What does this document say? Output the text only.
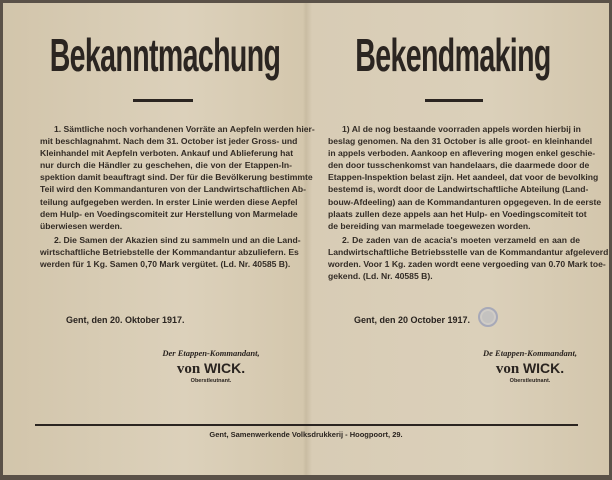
Bekanntmachung	Bekendmaking
1. Sämtliche noch vorhandenen Vorräte an Aepfeln werden hier-
mit beschlagnahmt. Nach dem 31. October ist jeder Gross- und
Kleinhandel mit Aepfeln verboten. Ankauf und Ablieferung hat
nur durch die Händler zu geschehen, die von der Etappen-In-
spektion damit beauftragt sind. Der für die Bevölkerung bestimmte
Teil wird den Kommandanturen von der Landwirtschaftlichen Ab-
teilung aufgegeben werden. In erster Linie werden diese Aepfel
dem Hulp- en Voedingscomiteit zur Herstellung von Marmelade
überwiesen werden.
2. Die Samen der Akazien sind zu sammeln und an die Land-
wirtschaftliche Betriebstelle der Kommandantur abzuliefern. Es
werden für 1 Kg. Samen 0,70 Mark vergütet. (Ld. Nr. 40585 B).
1) Al de nog bestaande voorraden appels worden hierbij in
beslag genomen. Na den 31 October is alle groot- en kleinhandel
in appels verboden. Aankoop en aflevering mogen enkel geschie-
den door tusschenkomst van handelaars, die daarmede door de
Etappen-Inspektion belast zijn. Het aandeel, dat voor de bevolking
bestemd is, wordt door de Landwirtschaftliche Abteilung (Land-
bouw-Afdeeling) aan de Kommandanturen opgegeven. In de eerste
plaats zullen deze appels aan het Hulp- en Voedingscomiteit tot
de bereiding van marmelade toegewezen worden.
2. De zaden van de acacia's moeten verzameld en aan de
Landwirtschaftliche Betriebsstelle van de Kommandantur afgeleverd
worden. Voor 1 Kg. zaden wordt eene vergoeding van 0.70 Mark toe-
gekend. (Ld. Nr. 40585 B).
Gent, den 20. Oktober 1917.	Gent, den 20 October 1917.
Der Etappen-Kommandant,
von WICK.
Oberstleutnant.
De Etappen-Kommandant,
von WICK.
Oberstleutnant.
Gent, Samenwerkende Volksdrukkerij - Hoogpoort, 29.
